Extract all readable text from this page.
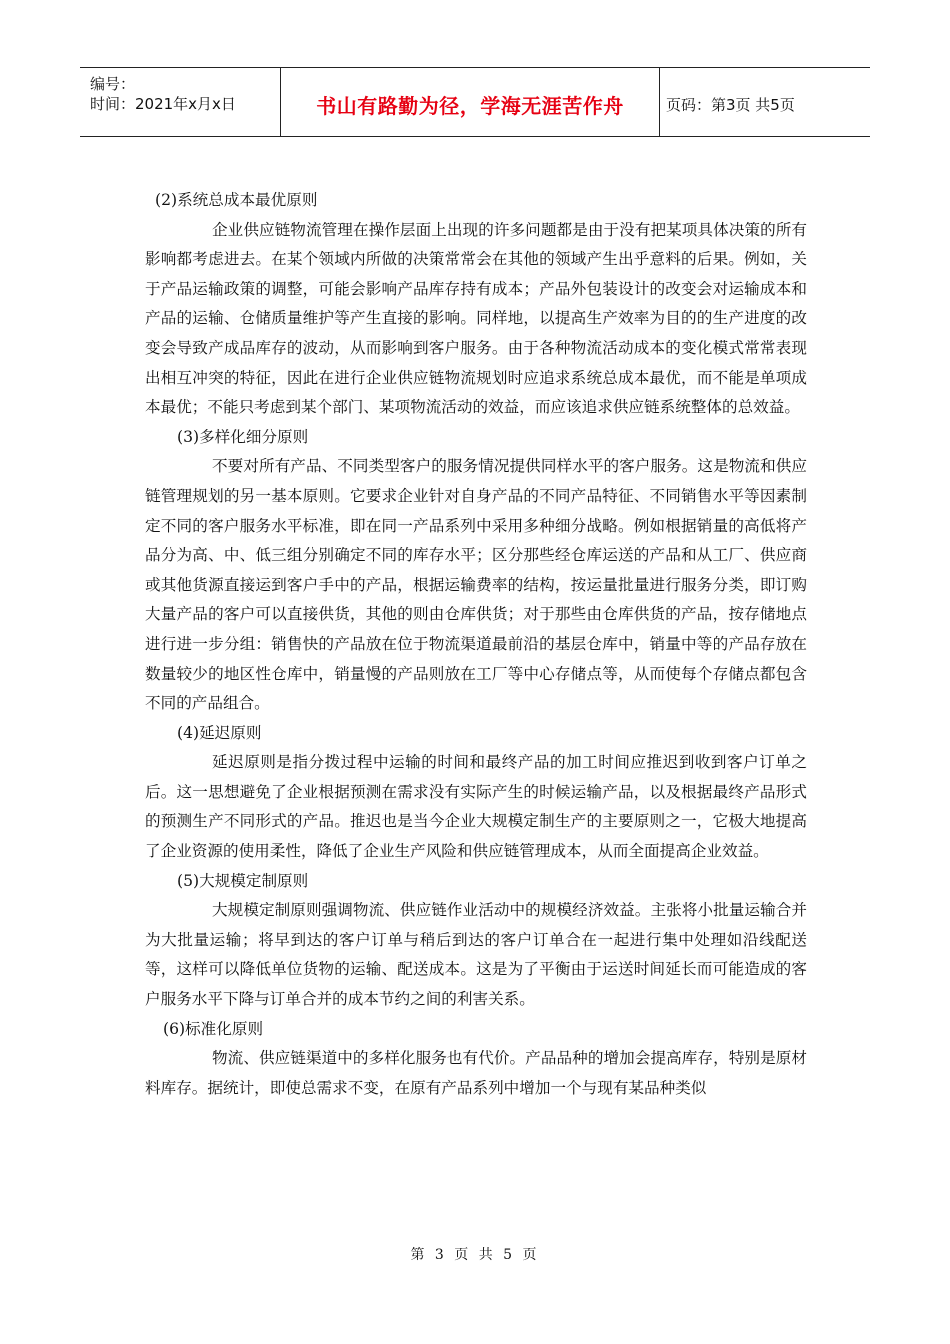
编号：
时间：2021年x月x日	书山有路勤为径，学海无涯苦作舟	页码：第3页 共5页

(2)系统总成本最优原则

企业供应链物流管理在操作层面上出现的许多问题都是由于没有把某项具体决策的所有影响都考虑进去。在某个领域内所做的决策常常会在其他的领域产生出乎意料的后果。例如，关于产品运输政策的调整，可能会影响产品库存持有成本；产品外包装设计的改变会对运输成本和产品的运输、仓储质量维护等产生直接的影响。同样地，以提高生产效率为目的的生产进度的改变会导致产成品库存的波动，从而影响到客户服务。由于各种物流活动成本的变化模式常常表现出相互冲突的特征，因此在进行企业供应链物流规划时应追求系统总成本最优，而不能是单项成本最优；不能只考虑到某个部门、某项物流活动的效益，而应该追求供应链系统整体的总效益。

(3)多样化细分原则

不要对所有产品、不同类型客户的服务情况提供同样水平的客户服务。这是物流和供应链管理规划的另一基本原则。它要求企业针对自身产品的不同产品特征、不同销售水平等因素制定不同的客户服务水平标准，即在同一产品系列中采用多种细分战略。例如根据销量的高低将产品分为高、中、低三组分别确定不同的库存水平；区分那些经仓库运送的产品和从工厂、供应商或其他货源直接运到客户手中的产品，根据运输费率的结构，按运量批量进行服务分类，即订购大量产品的客户可以直接供货，其他的则由仓库供货；对于那些由仓库供货的产品，按存储地点进行进一步分组：销售快的产品放在位于物流渠道最前沿的基层仓库中，销量中等的产品存放在数量较少的地区性仓库中，销量慢的产品则放在工厂等中心存储点等，从而使每个存储点都包含不同的产品组合。

(4)延迟原则

延迟原则是指分拨过程中运输的时间和最终产品的加工时间应推迟到收到客户订单之后。这一思想避免了企业根据预测在需求没有实际产生的时候运输产品，以及根据最终产品形式的预测生产不同形式的产品。推迟也是当今企业大规模定制生产的主要原则之一，它极大地提高了企业资源的使用柔性，降低了企业生产风险和供应链管理成本，从而全面提高企业效益。

(5)大规模定制原则

大规模定制原则强调物流、供应链作业活动中的规模经济效益。主张将小批量运输合并为大批量运输；将早到达的客户订单与稍后到达的客户订单合在一起进行集中处理如沿线配送等，这样可以降低单位货物的运输、配送成本。这是为了平衡由于运送时间延长而可能造成的客户服务水平下降与订单合并的成本节约之间的利害关系。

(6)标准化原则

物流、供应链渠道中的多样化服务也有代价。产品品种的增加会提高库存，特别是原材料库存。据统计，即使总需求不变，在原有产品系列中增加一个与现有某品种类似

第 3 页 共 5 页
